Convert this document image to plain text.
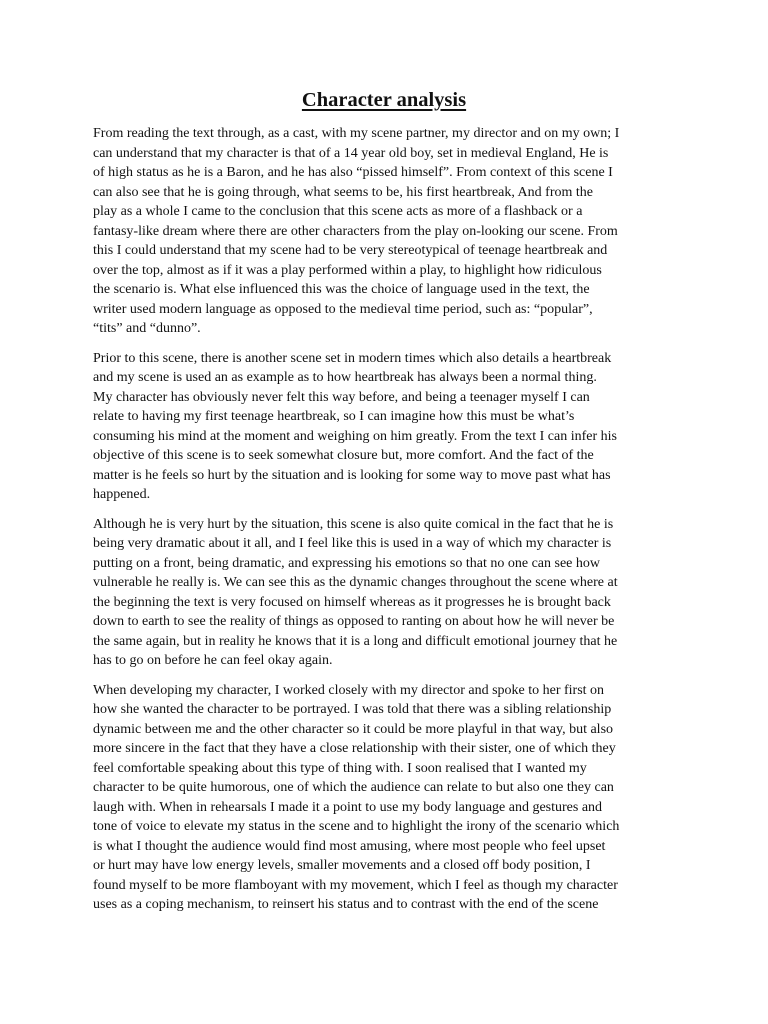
Character analysis

From reading the text through, as a cast, with my scene partner, my director and on my own; I
can understand that my character is that of a 14 year old boy, set in medieval England, He is
of high status as he is a Baron, and he has also “pissed himself”. From context of this scene I
can also see that he is going through, what seems to be, his first heartbreak, And from the
play as a whole I came to the conclusion that this scene acts as more of a flashback or a
fantasy-like dream where there are other characters from the play on-looking our scene. From
this I could understand that my scene had to be very stereotypical of teenage heartbreak and
over the top, almost as if it was a play performed within a play, to highlight how ridiculous
the scenario is. What else influenced this was the choice of language used in the text, the
writer used modern language as opposed to the medieval time period, such as: “popular”,
“tits” and “dunno”.

Prior to this scene, there is another scene set in modern times which also details a heartbreak
and my scene is used an as example as to how heartbreak has always been a normal thing.
My character has obviously never felt this way before, and being a teenager myself I can
relate to having my first teenage heartbreak, so I can imagine how this must be what’s
consuming his mind at the moment and weighing on him greatly. From the text I can infer his
objective of this scene is to seek somewhat closure but, more comfort. And the fact of the
matter is he feels so hurt by the situation and is looking for some way to move past what has
happened.

Although he is very hurt by the situation, this scene is also quite comical in the fact that he is
being very dramatic about it all, and I feel like this is used in a way of which my character is
putting on a front, being dramatic, and expressing his emotions so that no one can see how
vulnerable he really is. We can see this as the dynamic changes throughout the scene where at
the beginning the text is very focused on himself whereas as it progresses he is brought back
down to earth to see the reality of things as opposed to ranting on about how he will never be
the same again, but in reality he knows that it is a long and difficult emotional journey that he
has to go on before he can feel okay again.

When developing my character, I worked closely with my director and spoke to her first on
how she wanted the character to be portrayed. I was told that there was a sibling relationship
dynamic between me and the other character so it could be more playful in that way, but also
more sincere in the fact that they have a close relationship with their sister, one of which they
feel comfortable speaking about this type of thing with. I soon realised that I wanted my
character to be quite humorous, one of which the audience can relate to but also one they can
laugh with. When in rehearsals I made it a point to use my body language and gestures and
tone of voice to elevate my status in the scene and to highlight the irony of the scenario which
is what I thought the audience would find most amusing, where most people who feel upset
or hurt may have low energy levels, smaller movements and a closed off body position, I
found myself to be more flamboyant with my movement, which I feel as though my character
uses as a coping mechanism, to reinsert his status and to contrast with the end of the scene
